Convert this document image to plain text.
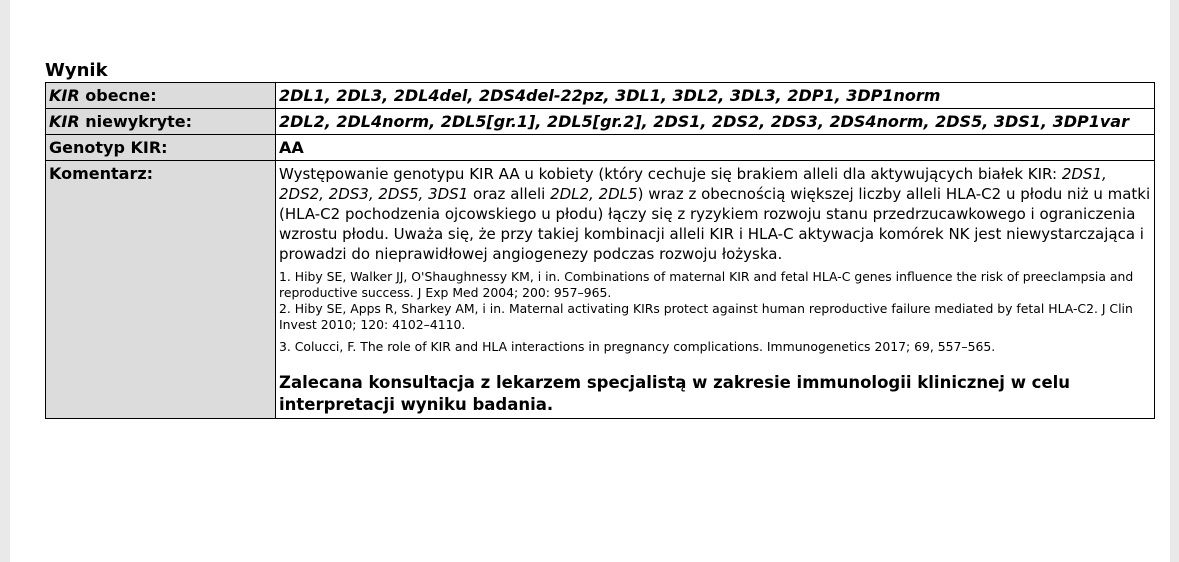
Wynik
KIR obecne:	2DL1, 2DL3, 2DL4del, 2DS4del-22pz, 3DL1, 3DL2, 3DL3, 2DP1, 3DP1norm
KIR niewykryte:	2DL2, 2DL4norm, 2DL5[gr.1], 2DL5[gr.2], 2DS1, 2DS2, 2DS3, 2DS4norm, 2DS5, 3DS1, 3DP1var
Genotyp KIR:	AA
Komentarz:	Występowanie genotypu KIR AA u kobiety (który cechuje się brakiem alleli dla aktywujących białek KIR: 2DS1, 2DS2, 2DS3, 2DS5, 3DS1 oraz alleli 2DL2, 2DL5) wraz z obecnością większej liczby alleli HLA-C2 u płodu niż u matki (HLA-C2 pochodzenia ojcowskiego u płodu) łączy się z ryzykiem rozwoju stanu przedrzucawkowego i ograniczenia wzrostu płodu. Uważa się, że przy takiej kombinacji alleli KIR i HLA-C aktywacja komórek NK jest niewystarczająca i prowadzi do nieprawidłowej angiogenezy podczas rozwoju łożyska.

1. Hiby SE, Walker JJ, O'Shaughnessy KM, i in. Combinations of maternal KIR and fetal HLA-C genes influence the risk of preeclampsia and reproductive success. J Exp Med 2004; 200: 957–965.

2. Hiby SE, Apps R, Sharkey AM, i in. Maternal activating KIRs protect against human reproductive failure mediated by fetal HLA-C2. J Clin Invest 2010; 120: 4102–4110.

3. Colucci, F. The role of KIR and HLA interactions in pregnancy complications. Immunogenetics 2017; 69, 557–565.

Zalecana konsultacja z lekarzem specjalistą w zakresie immunologii klinicznej w celu interpretacji wyniku badania.
